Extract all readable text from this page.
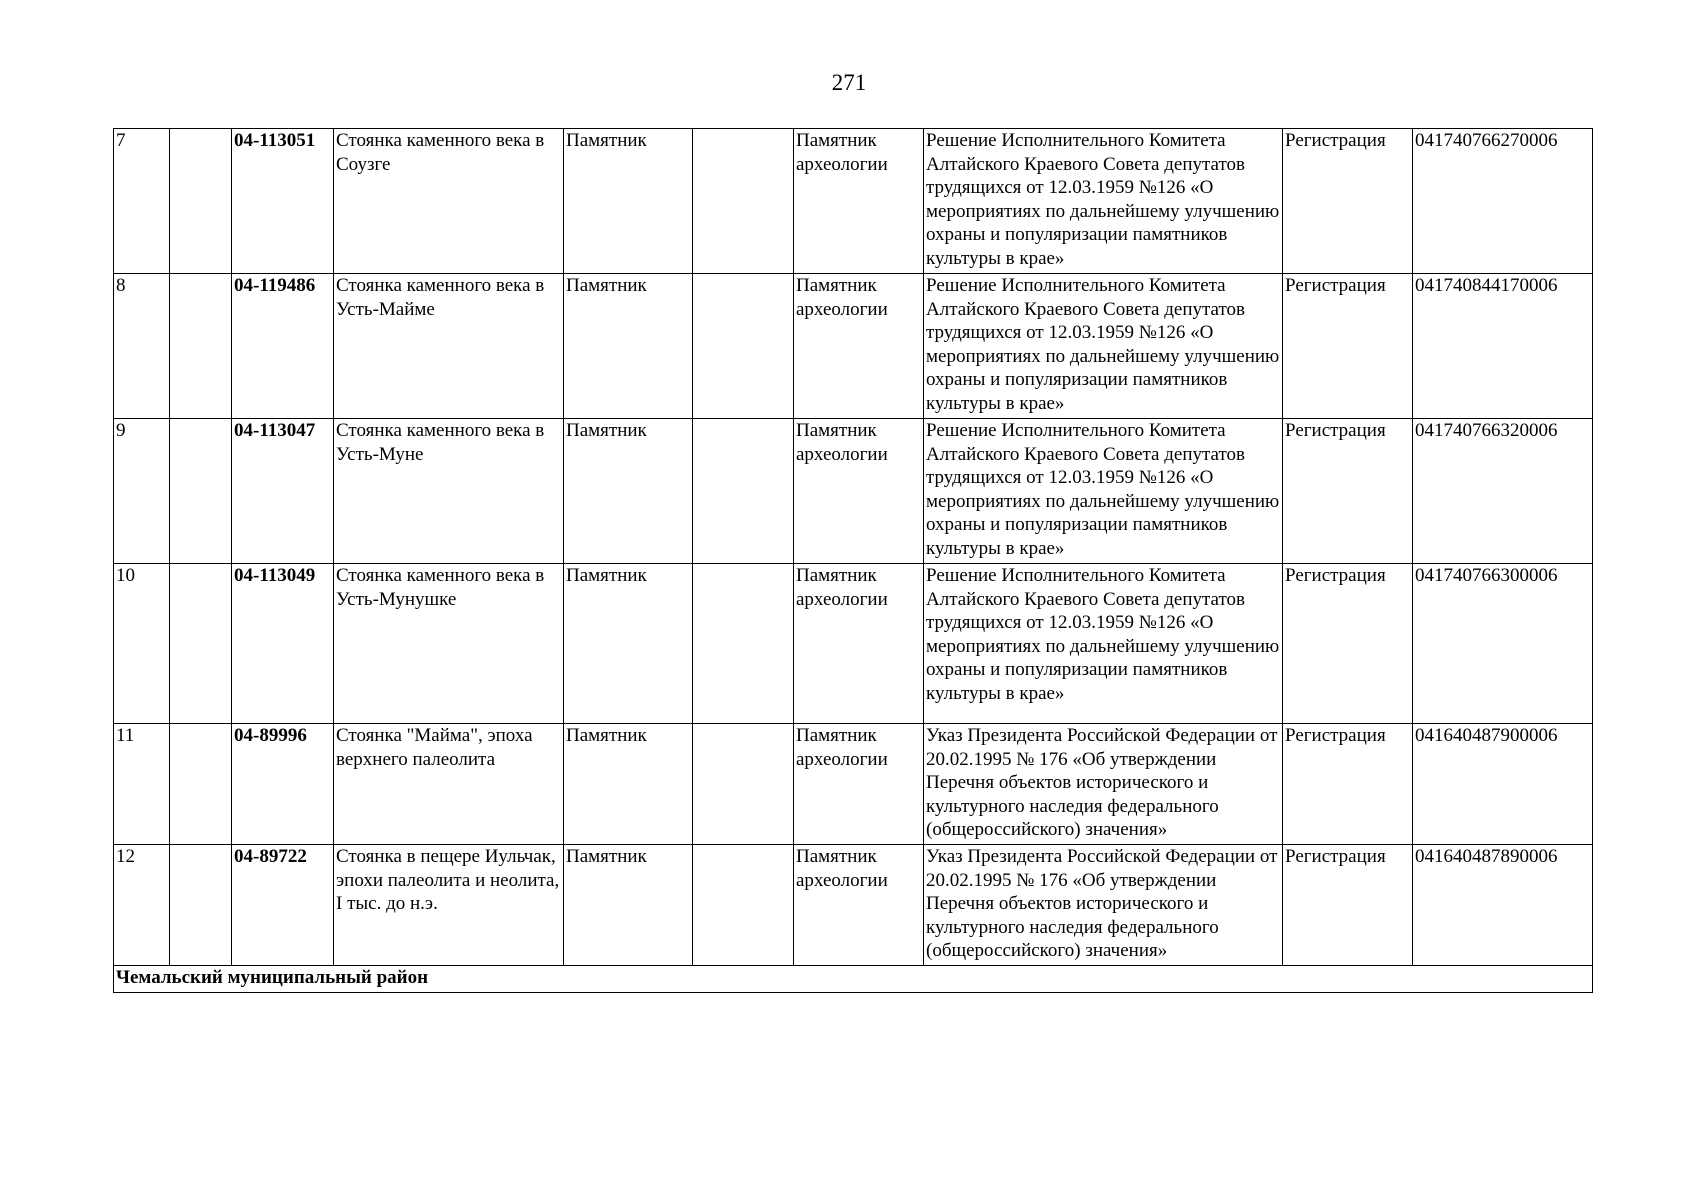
271
7		04-113051	Стоянка каменного века в Соузге	Памятник		Памятник археологии	Решение Исполнительного Комитета Алтайского Краевого Совета депутатов трудящихся от 12.03.1959 №126 «О мероприятиях по дальнейшему улучшению охраны и популяризации памятников культуры в крае»	Регистрация	041740766270006
8		04-119486	Стоянка каменного века в Усть-Майме	Памятник		Памятник археологии	Решение Исполнительного Комитета Алтайского Краевого Совета депутатов трудящихся от 12.03.1959 №126 «О мероприятиях по дальнейшему улучшению охраны и популяризации памятников культуры в крае»	Регистрация	041740844170006
9		04-113047	Стоянка каменного века в Усть-Муне	Памятник		Памятник археологии	Решение Исполнительного Комитета Алтайского Краевого Совета депутатов трудящихся от 12.03.1959 №126 «О мероприятиях по дальнейшему улучшению охраны и популяризации памятников культуры в крае»	Регистрация	041740766320006
10		04-113049	Стоянка каменного века в Усть-Мунушке	Памятник		Памятник археологии	Решение Исполнительного Комитета Алтайского Краевого Совета депутатов трудящихся от 12.03.1959 №126 «О мероприятиях по дальнейшему улучшению охраны и популяризации памятников культуры в крае»	Регистрация	041740766300006
11		04-89996	Стоянка "Майма", эпоха верхнего палеолита	Памятник		Памятник археологии	Указ Президента Российской Федерации от 20.02.1995 № 176 «Об утверждении Перечня объектов исторического и культурного наследия федерального (общероссийского) значения»	Регистрация	041640487900006
12		04-89722	Стоянка в пещере Иульчак, эпохи палеолита и неолита, I тыс. до н.э.	Памятник		Памятник археологии	Указ Президента Российской Федерации от 20.02.1995 № 176 «Об утверждении Перечня объектов исторического и культурного наследия федерального (общероссийского) значения»	Регистрация	041640487890006
Чемальский муниципальный район									
